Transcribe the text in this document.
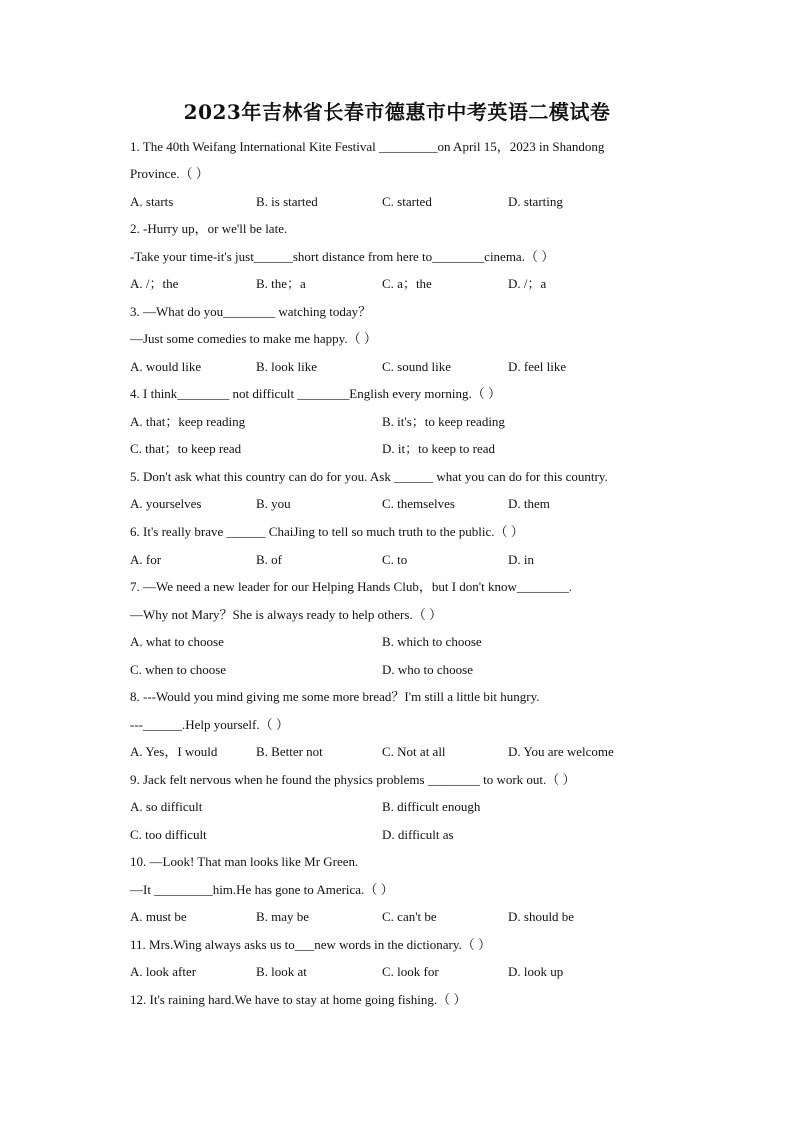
2023年吉林省长春市德惠市中考英语二模试卷
1. The 40th Weifang International Kite Festival _________on April 15，2023 in Shandong
Province.（ ）
A. starts	B. is started	C. started	D. starting
2. -Hurry up，or we'll be late.
-Take your time-it's just______short distance from here to________cinema.（ ）
A. /；the	B. the；a	C. a；the	D. /；a
3. —What do you________ watching today？
—Just some comedies to make me happy.（ ）
A. would like	B. look like	C. sound like	D. feel like
4. I think________ not difficult ________English every morning.（ ）
A. that；keep reading	B. it's；to keep reading
C. that；to keep read	D. it；to keep to read
5. Don't ask what this country can do for you. Ask ______ what you can do for this country.
A. yourselves	B. you	C. themselves	D. them
6. It's really brave ______ ChaiJing to tell so much truth to the public.（ ）
A. for	B. of	C. to	D. in
7. —We need a new leader for our Helping Hands Club，but I don't know________.
—Why not Mary？She is always ready to help others.（ ）
A. what to choose	B. which to choose
C. when to choose	D. who to choose
8. ---Would you mind giving me some more bread？I'm still a little bit hungry.
---______.Help yourself.（ ）
A. Yes，I would	B. Better not	C. Not at all	D. You are welcome
9. Jack felt nervous when he found the physics problems ________ to work out.（ ）
A. so difficult	B. difficult enough
C. too difficult	D. difficult as
10. —Look! That man looks like Mr Green.
—It _________him.He has gone to America.（ ）
A. must be	B. may be	C. can't be	D. should be
11. Mrs.Wing always asks us to___new words in the dictionary.（ ）
A. look after	B. look at	C. look for	D. look up
12. It's raining hard.We have to stay at home going fishing.（ ）
